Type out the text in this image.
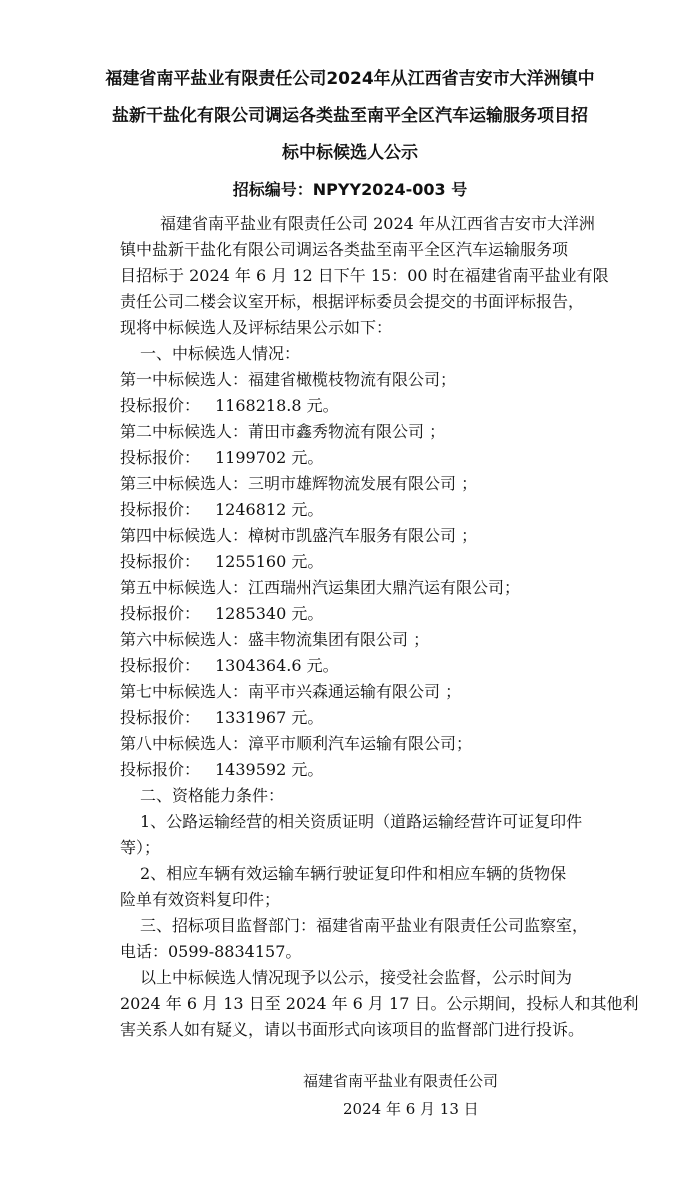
福建省南平盐业有限责任公司2024年从江西省吉安市大洋洲镇中
盐新干盐化有限公司调运各类盐至南平全区汽车运输服务项目招
标中标候选人公示
招标编号：NPYY2024-003 号
福建省南平盐业有限责任公司 2024 年从江西省吉安市大洋洲
镇中盐新干盐化有限公司调运各类盐至南平全区汽车运输服务项
目招标于 2024 年 6 月 12 日下午 15：00 时在福建省南平盐业有限
责任公司二楼会议室开标，根据评标委员会提交的书面评标报告，
现将中标候选人及评标结果公示如下：
一、中标候选人情况：
第一中标候选人： 福建省橄榄枝物流有限公司；
投标报价： 1168218.8 元。
第二中标候选人： 莆田市鑫秀物流有限公司 ；
投标报价： 1199702 元。
第三中标候选人： 三明市雄辉物流发展有限公司 ；
投标报价： 1246812 元。
第四中标候选人： 樟树市凯盛汽车服务有限公司 ；
投标报价： 1255160 元。
第五中标候选人： 江西瑞州汽运集团大鼎汽运有限公司；
投标报价： 1285340 元。
第六中标候选人： 盛丰物流集团有限公司 ；
投标报价： 1304364.6 元。
第七中标候选人： 南平市兴森通运输有限公司 ；
投标报价： 1331967 元。
第八中标候选人： 漳平市顺利汽车运输有限公司；
投标报价： 1439592 元。
二、资格能力条件：
1、公路运输经营的相关资质证明（道路运输经营许可证复印件
等）；
2、相应车辆有效运输车辆行驶证复印件和相应车辆的货物保
险单有效资料复印件；
三、招标项目监督部门：福建省南平盐业有限责任公司监察室，
电话：0599-8834157。
以上中标候选人情况现予以公示，接受社会监督，公示时间为
2024 年 6 月 13 日至 2024 年 6 月 17 日。公示期间，投标人和其他利
害关系人如有疑义，请以书面形式向该项目的监督部门进行投诉。
福建省南平盐业有限责任公司
2024 年 6 月 13 日
